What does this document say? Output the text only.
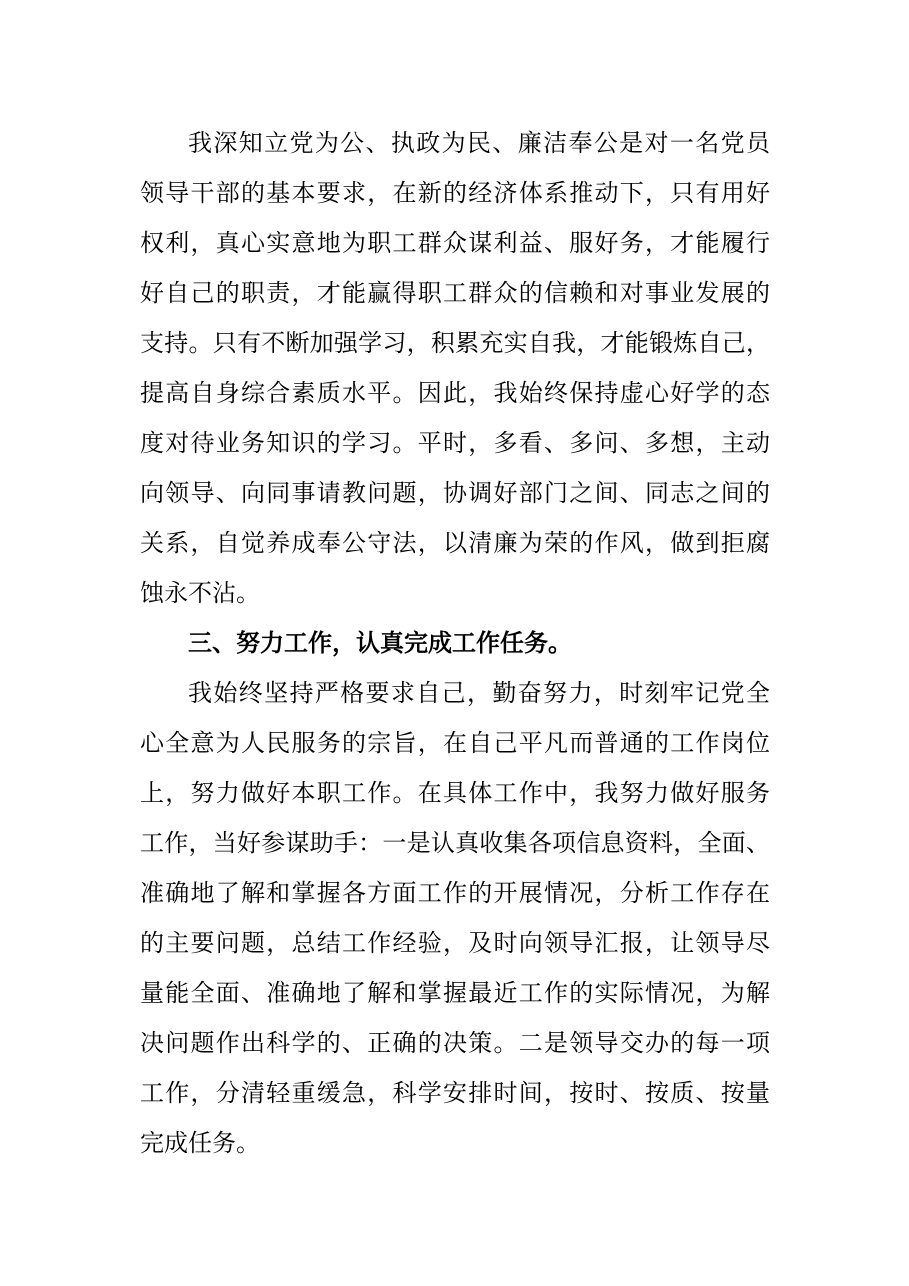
我深知立党为公、执政为民、廉洁奉公是对一名党员
领导干部的基本要求，在新的经济体系推动下，只有用好
权利，真心实意地为职工群众谋利益、服好务，才能履行
好自己的职责，才能赢得职工群众的信赖和对事业发展的
支持。只有不断加强学习，积累充实自我，才能锻炼自己，
提高自身综合素质水平。因此，我始终保持虚心好学的态
度对待业务知识的学习。平时，多看、多问、多想，主动
向领导、向同事请教问题，协调好部门之间、同志之间的
关系，自觉养成奉公守法，以清廉为荣的作风，做到拒腐
蚀永不沾。
三、努力工作，认真完成工作任务。
我始终坚持严格要求自己，勤奋努力，时刻牢记党全
心全意为人民服务的宗旨，在自己平凡而普通的工作岗位
上，努力做好本职工作。在具体工作中，我努力做好服务
工作，当好参谋助手：一是认真收集各项信息资料，全面、
准确地了解和掌握各方面工作的开展情况，分析工作存在
的主要问题，总结工作经验，及时向领导汇报，让领导尽
量能全面、准确地了解和掌握最近工作的实际情况，为解
决问题作出科学的、正确的决策。二是领导交办的每一项
工作，分清轻重缓急，科学安排时间，按时、按质、按量
完成任务。
